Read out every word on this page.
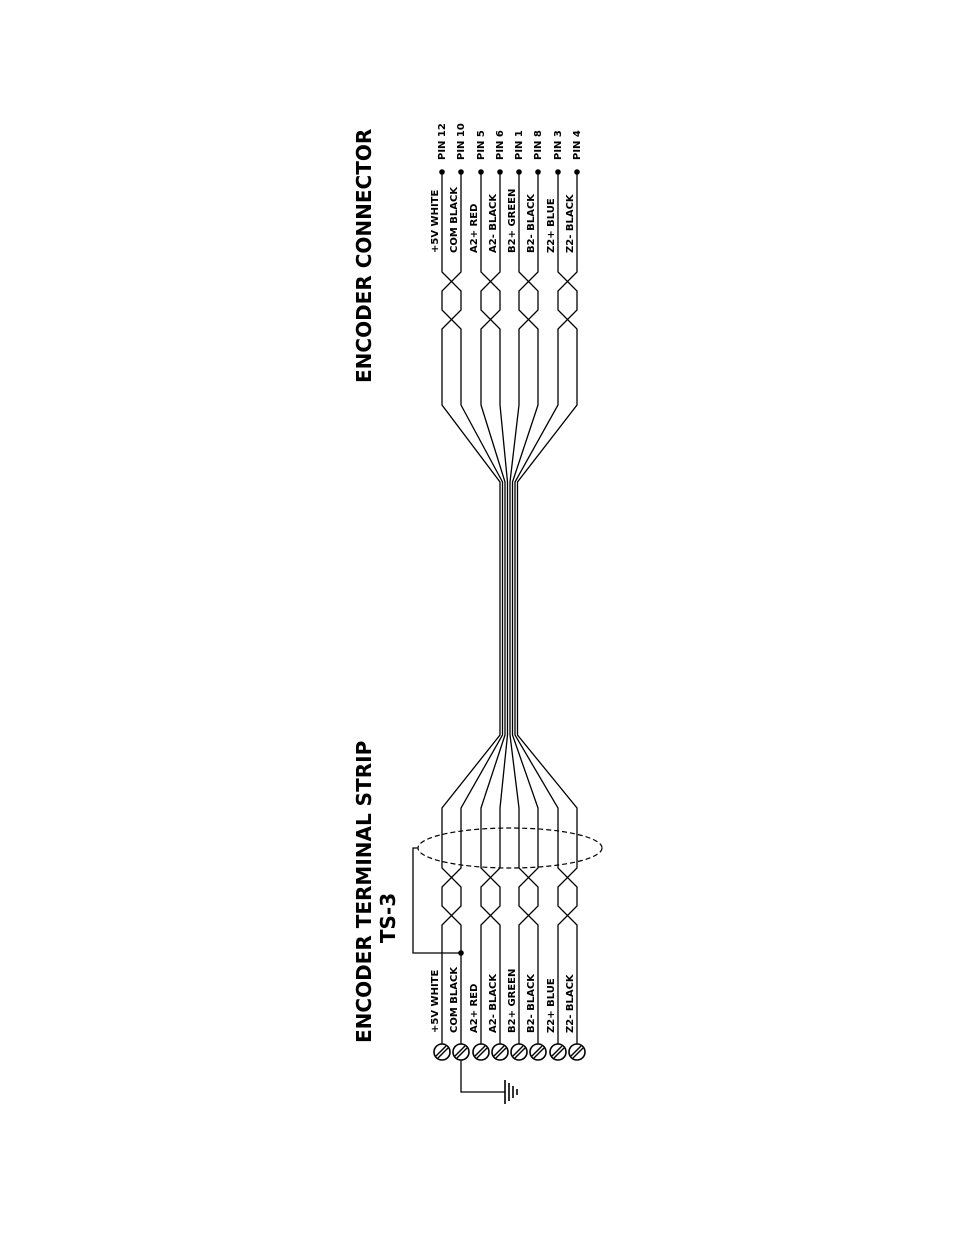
ENCODER CONNECTOR
ENCODER TERMINAL STRIP TS-3
PIN 12
+5V WHITE
+5V WHITE
PIN 10
COM BLACK
COM BLACK
PIN 5
A2+ RED
A2+ RED
PIN 6
A2- BLACK
A2- BLACK
PIN 1
B2+ GREEN
B2+ GREEN
PIN 8
B2- BLACK
B2- BLACK
PIN 3
Z2+ BLUE
Z2+ BLUE
PIN 4
Z2- BLACK
Z2- BLACK
